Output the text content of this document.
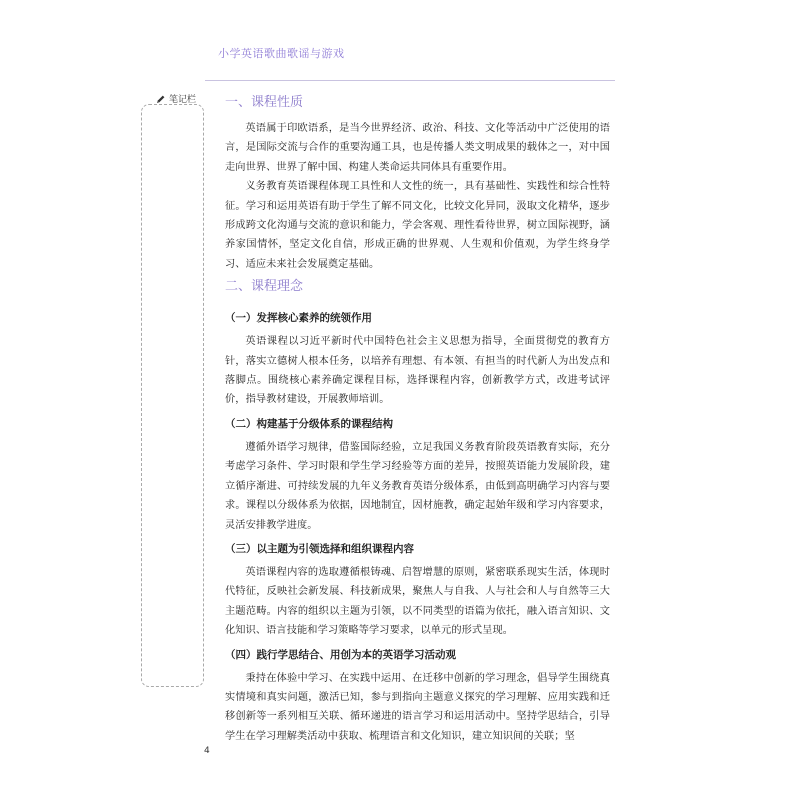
小学英语歌曲歌谣与游戏
笔记栏 一、课程性质

英语属于印欧语系，是当今世界经济、政治、科技、文化等活动中广泛使用的语言，是国际交流与合作的重要沟通工具，也是传播人类文明成果的载体之一，对中国走向世界、世界了解中国、构建人类命运共同体具有重要作用。

义务教育英语课程体现工具性和人文性的统一，具有基础性、实践性和综合性特征。学习和运用英语有助于学生了解不同文化，比较文化异同，汲取文化精华，逐步形成跨文化沟通与交流的意识和能力，学会客观、理性看待世界，树立国际视野，涵养家国情怀，坚定文化自信，形成正确的世界观、人生观和价值观，为学生终身学习、适应未来社会发展奠定基础。

二、课程理念
（一）发挥核心素养的统领作用

英语课程以习近平新时代中国特色社会主义思想为指导，全面贯彻党的教育方针，落实立德树人根本任务，以培养有理想、有本领、有担当的时代新人为出发点和落脚点。围绕核心素养确定课程目标，选择课程内容，创新教学方式，改进考试评价，指导教材建设，开展教师培训。

（二）构建基于分级体系的课程结构

遵循外语学习规律，借鉴国际经验，立足我国义务教育阶段英语教育实际，充分考虑学习条件、学习时限和学生学习经验等方面的差异，按照英语能力发展阶段，建立循序渐进、可持续发展的九年义务教育英语分级体系，由低到高明确学习内容与要求。课程以分级体系为依据，因地制宜，因材施教，确定起始年级和学习内容要求，灵活安排教学进度。

（三）以主题为引领选择和组织课程内容

英语课程内容的选取遵循根铸魂、启智增慧的原则，紧密联系现实生活，体现时代特征，反映社会新发展、科技新成果，聚焦人与自我、人与社会和人与自然等三大主题范畴。内容的组织以主题为引领，以不同类型的语篇为依托，融入语言知识、文化知识、语言技能和学习策略等学习要求，以单元的形式呈现。

（四）践行学思结合、用创为本的英语学习活动观

秉持在体验中学习、在实践中运用、在迁移中创新的学习理念，倡导学生围绕真实情境和真实问题，激活已知，参与到指向主题意义探究的学习理解、应用实践和迁移创新等一系列相互关联、循环递进的语言学习和运用活动中。坚持学思结合，引导学生在学习理解类活动中获取、梳理语言和文化知识，建立知识间的关联；坚

4
